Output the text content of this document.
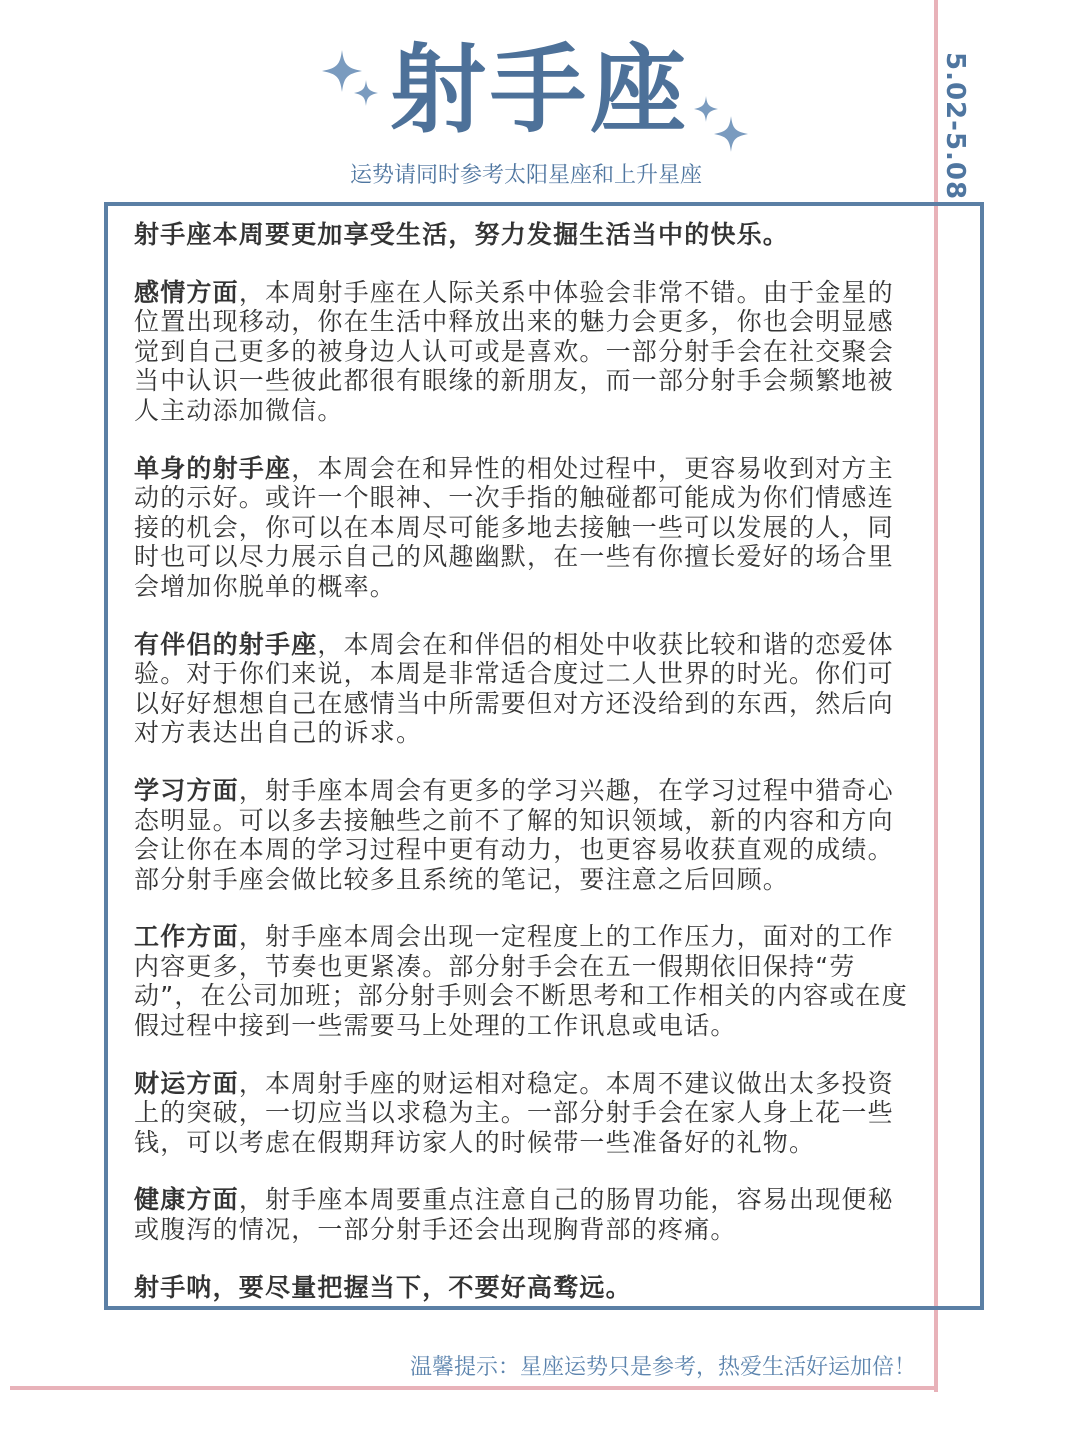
5.02-5.08
射手座
运势请同时参考太阳星座和上升星座

射手座本周要更加享受生活，努力发掘生活当中的快乐。

感情方面，本周射手座在人际关系中体验会非常不错。由于金星的位置出现移动，你在生活中释放出来的魅力会更多，你也会明显感觉到自己更多的被身边人认可或是喜欢。一部分射手会在社交聚会当中认识一些彼此都很有眼缘的新朋友，而一部分射手会频繁地被人主动添加微信。

单身的射手座，本周会在和异性的相处过程中，更容易收到对方主动的示好。或许一个眼神、一次手指的触碰都可能成为你们情感连接的机会，你可以在本周尽可能多地去接触一些可以发展的人，同时也可以尽力展示自己的风趣幽默，在一些有你擅长爱好的场合里会增加你脱单的概率。

有伴侣的射手座，本周会在和伴侣的相处中收获比较和谐的恋爱体验。对于你们来说，本周是非常适合度过二人世界的时光。你们可以好好想想自己在感情当中所需要但对方还没给到的东西，然后向对方表达出自己的诉求。

学习方面，射手座本周会有更多的学习兴趣，在学习过程中猎奇心态明显。可以多去接触些之前不了解的知识领域，新的内容和方向会让你在本周的学习过程中更有动力，也更容易收获直观的成绩。部分射手座会做比较多且系统的笔记，要注意之后回顾。

工作方面，射手座本周会出现一定程度上的工作压力，面对的工作内容更多，节奏也更紧凑。部分射手会在五一假期依旧保持“劳动”，在公司加班；部分射手则会不断思考和工作相关的内容或在度假过程中接到一些需要马上处理的工作讯息或电话。

财运方面，本周射手座的财运相对稳定。本周不建议做出太多投资上的突破，一切应当以求稳为主。一部分射手会在家人身上花一些钱，可以考虑在假期拜访家人的时候带一些准备好的礼物。

健康方面，射手座本周要重点注意自己的肠胃功能，容易出现便秘或腹泻的情况，一部分射手还会出现胸背部的疼痛。

射手呐，要尽量把握当下，不要好高骛远。

温馨提示：星座运势只是参考，热爱生活好运加倍！
